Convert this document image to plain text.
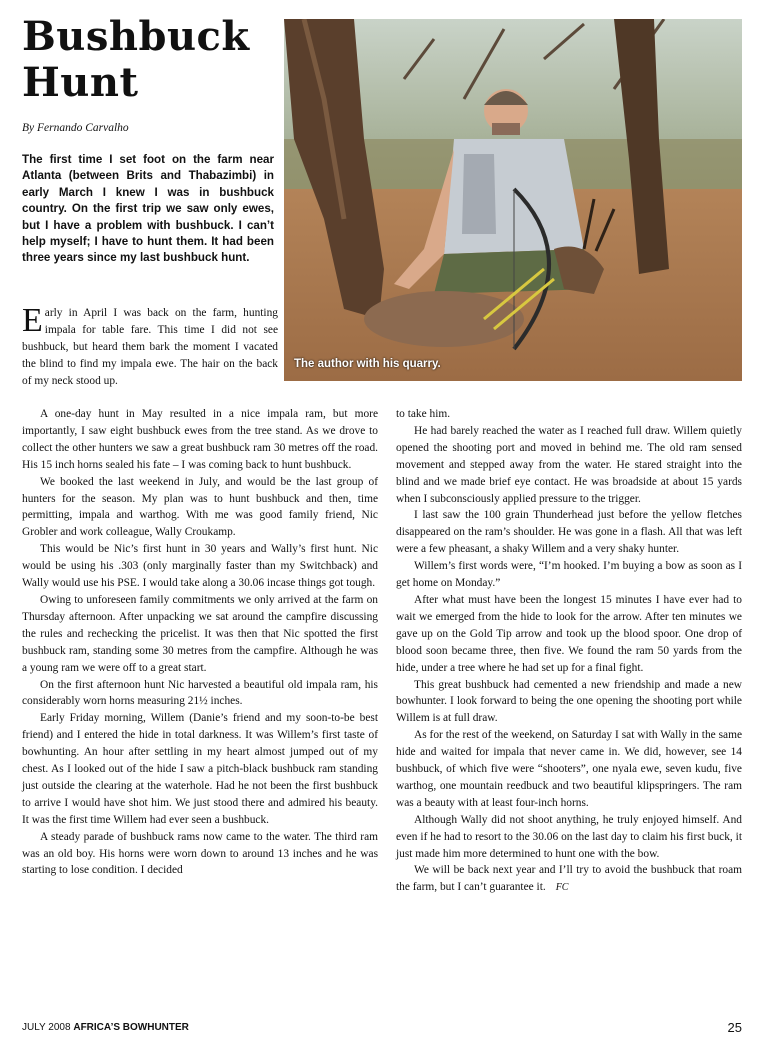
Bushbuck
Hunt
By Fernando Carvalho

The first time I set foot on the farm near Atlanta (between Brits and Thabazimbi) in early March I knew I was in bushbuck country. On the first trip we saw only ewes, but I have a problem with bushbuck. I can’t help myself; I have to hunt them. It had been three years since my last bushbuck hunt.

The author with his quarry.

Early in April I was back on the farm, hunting impala for table fare. This time I did not see bushbuck, but heard them bark the moment I vacated the blind to find my impala ewe. The hair on the back of my neck stood up.

A one-day hunt in May resulted in a nice impala ram, but more importantly, I saw eight bushbuck ewes from the tree stand. As we drove to collect the other hunters we saw a great bushbuck ram 30 metres off the road. His 15 inch horns sealed his fate – I was coming back to hunt bushbuck.

We booked the last weekend in July, and would be the last group of hunters for the season. My plan was to hunt bushbuck and then, time permitting, impala and warthog. With me was good family friend, Nic Grobler and work colleague, Wally Croukamp.

This would be Nic’s first hunt in 30 years and Wally’s first hunt. Nic would be using his .303 (only marginally faster than my Switchback) and Wally would use his PSE. I would take along a 30.06 incase things got tough.

Owing to unforeseen family commitments we only arrived at the farm on Thursday afternoon. After unpacking we sat around the campfire discussing the rules and rechecking the pricelist. It was then that Nic spotted the first bushbuck ram, standing some 30 metres from the campfire. Although he was a young ram we were off to a great start.

On the first afternoon hunt Nic harvested a beautiful old impala ram, his considerably worn horns measuring 21½ inches.

Early Friday morning, Willem (Danie’s friend and my soon-to-be best friend) and I entered the hide in total darkness. It was Willem’s first taste of bowhunting. An hour after settling in my heart almost jumped out of my chest. As I looked out of the hide I saw a pitch-black bushbuck ram standing just outside the clearing at the waterhole. Had he not been the first bushbuck to arrive I would have shot him. We just stood there and admired his beauty. It was the first time Willem had ever seen a bushbuck.

A steady parade of bushbuck rams now came to the water. The third ram was an old boy. His horns were worn down to around 13 inches and he was starting to lose condition. I decided

to take him.

He had barely reached the water as I reached full draw. Willem quietly opened the shooting port and moved in behind me. The old ram sensed movement and stepped away from the water. He stared straight into the blind and we made brief eye contact. He was broadside at about 15 yards when I subconsciously applied pressure to the trigger.

I last saw the 100 grain Thunderhead just before the yellow fletches disappeared on the ram’s shoulder. He was gone in a flash. All that was left were a few pheasant, a shaky Willem and a very shaky hunter.

Willem’s first words were, “I’m hooked. I’m buying a bow as soon as I get home on Monday.”

After what must have been the longest 15 minutes I have ever had to wait we emerged from the hide to look for the arrow. After ten minutes we gave up on the Gold Tip arrow and took up the blood spoor. One drop of blood soon became three, then five. We found the ram 50 yards from the hide, under a tree where he had set up for a final fight.

This great bushbuck had cemented a new friendship and made a new bowhunter. I look forward to being the one opening the shooting port while Willem is at full draw.

As for the rest of the weekend, on Saturday I sat with Wally in the same hide and waited for impala that never came in. We did, however, see 14 bushbuck, of which five were “shooters”, one nyala ewe, seven kudu, five warthog, one mountain reedbuck and two beautiful klipspringers. The ram was a beauty with at least four-inch horns.

Although Wally did not shoot anything, he truly enjoyed himself. And even if he had to resort to the 30.06 on the last day to claim his first buck, it just made him more determined to hunt one with the bow.

We will be back next year and I’ll try to avoid the bushbuck that roam the farm, but I can’t guarantee it. FC

JULY 2008 AFRICA’S BOWHUNTER	25
